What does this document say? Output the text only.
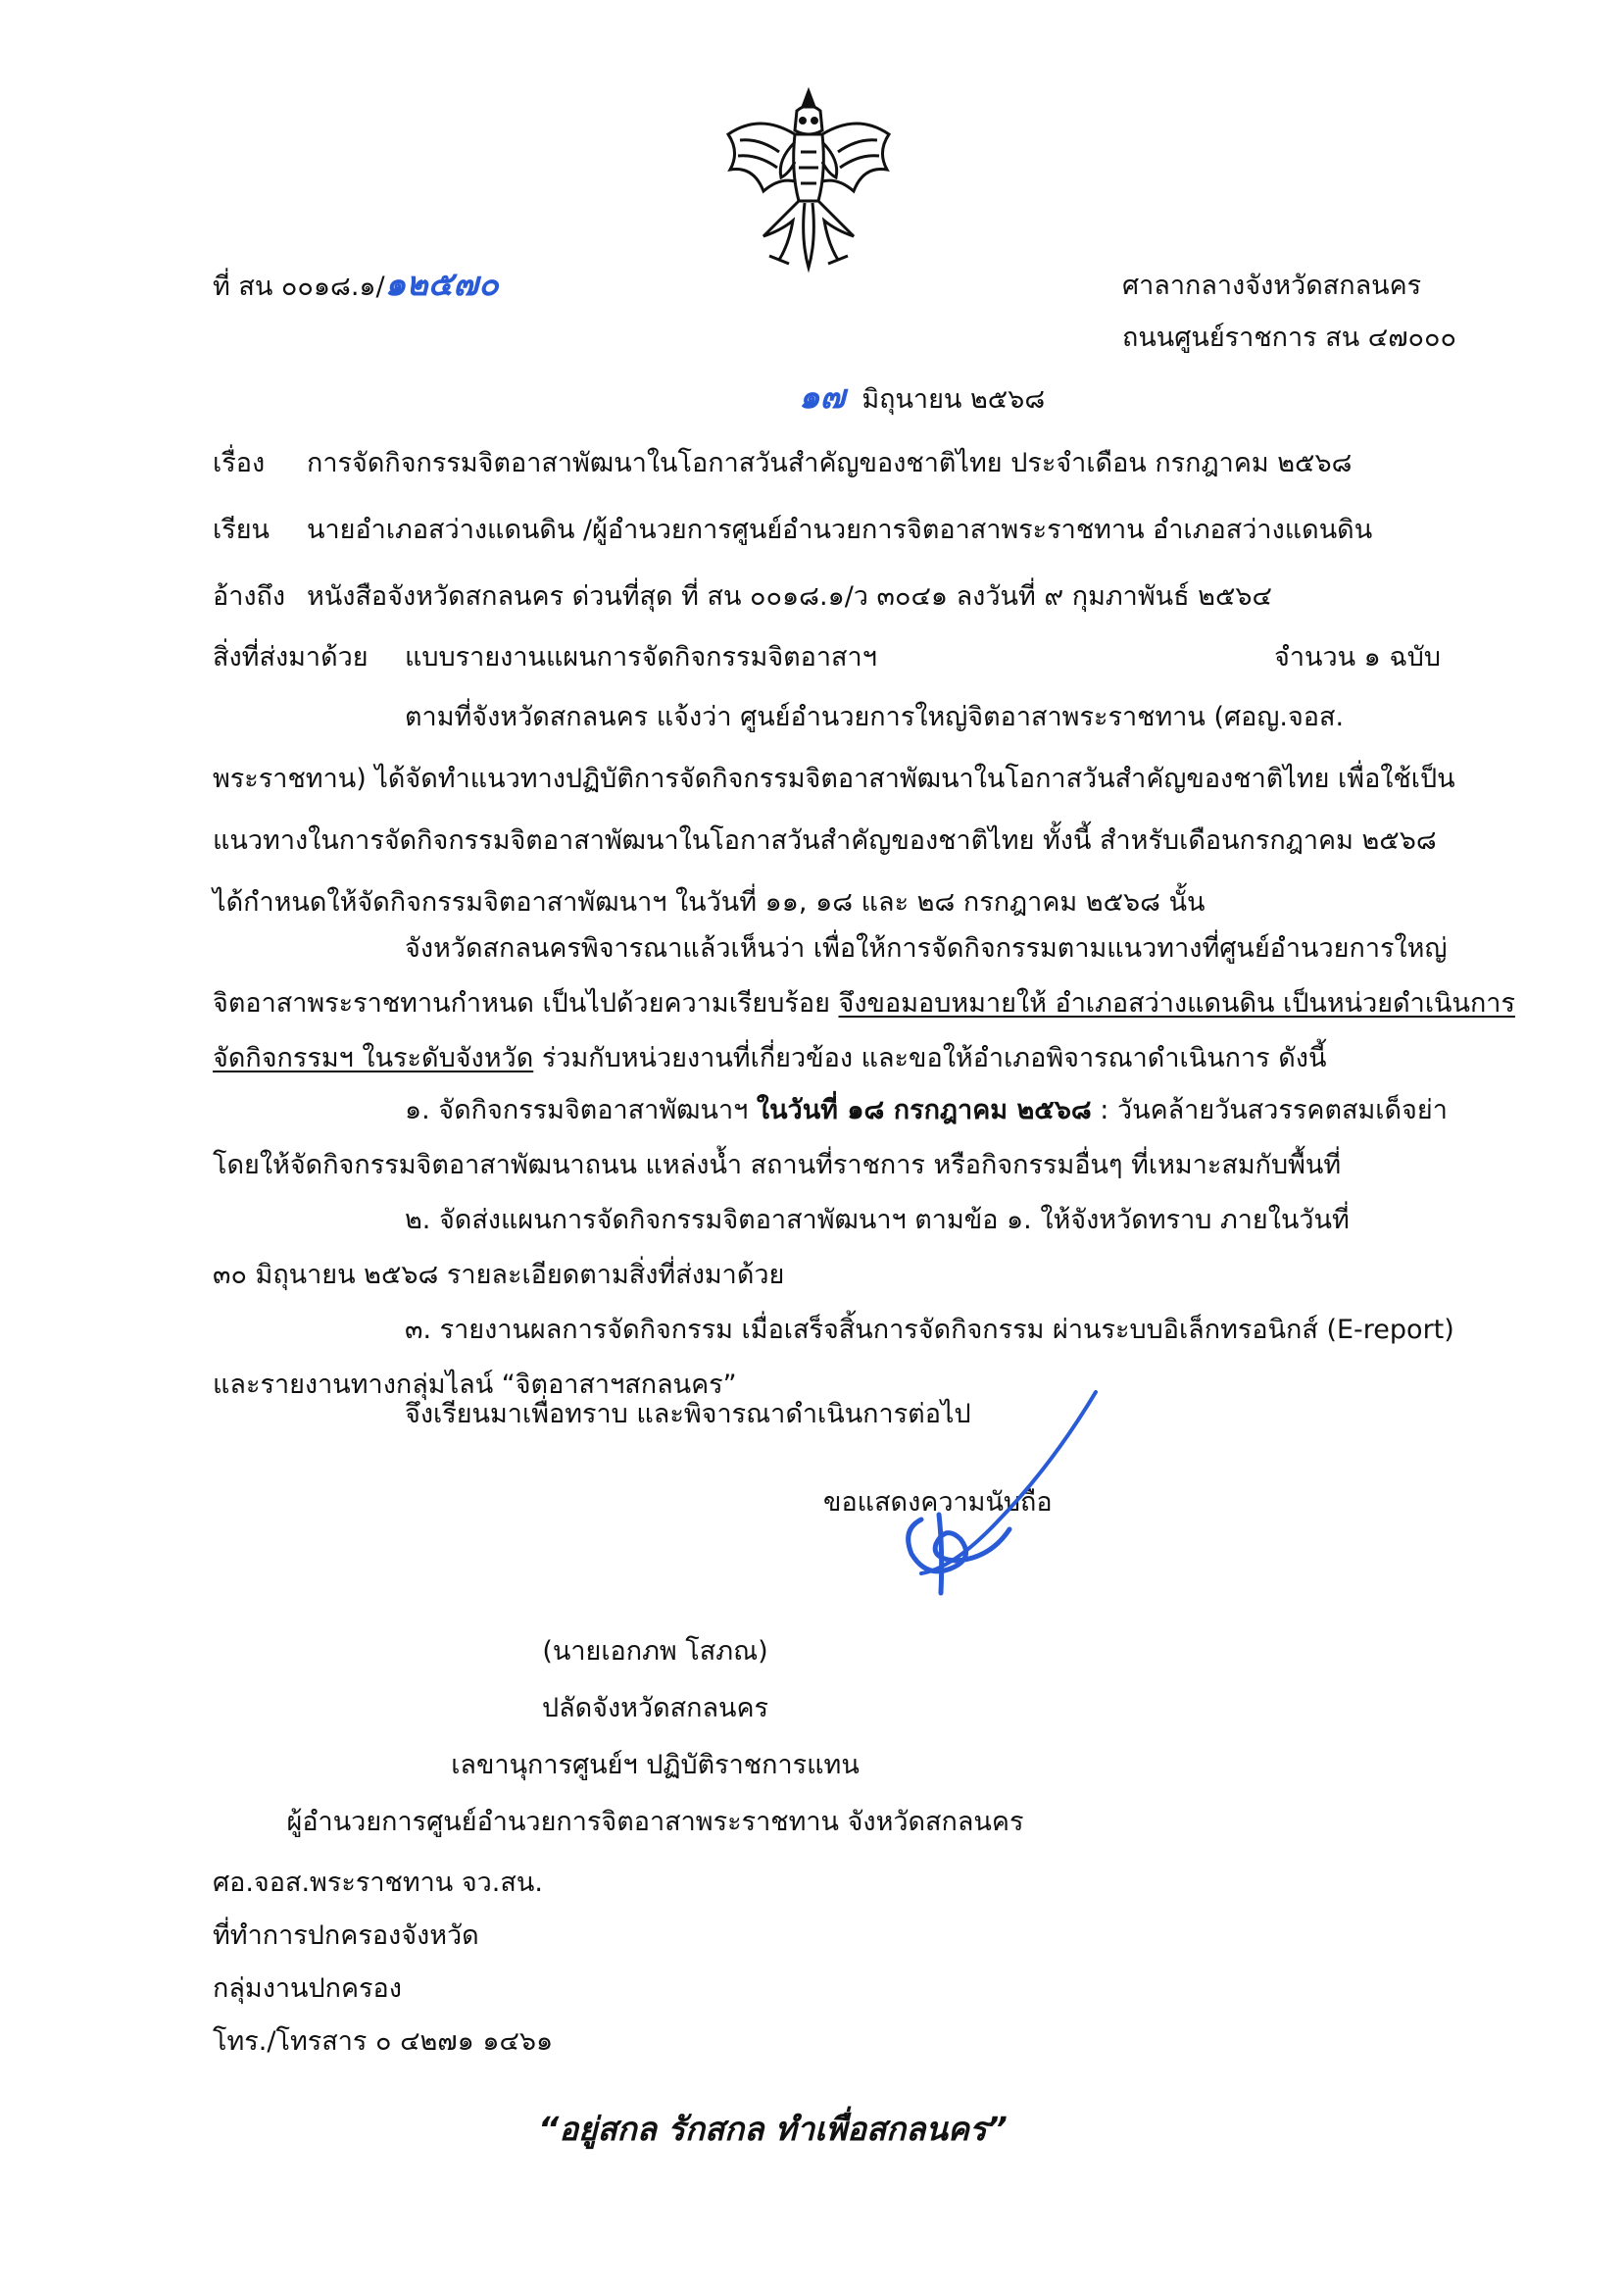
ที่ สน ๐๐๑๘.๑/๑๒๕๗๐	ศาลากลางจังหวัดสกลนคร
ถนนศูนย์ราชการ สน ๔๗๐๐๐
๑๗ มิถุนายน ๒๕๖๘
เรื่อง การจัดกิจกรรมจิตอาสาพัฒนาในโอกาสวันสำคัญของชาติไทย ประจำเดือน กรกฎาคม ๒๕๖๘
เรียน นายอำเภอสว่างแดนดิน /ผู้อำนวยการศูนย์อำนวยการจิตอาสาพระราชทาน อำเภอสว่างแดนดิน
อ้างถึง หนังสือจังหวัดสกลนคร ด่วนที่สุด ที่ สน ๐๐๑๘.๑/ว ๓๐๔๑ ลงวันที่ ๙ กุมภาพันธ์ ๒๕๖๔
สิ่งที่ส่งมาด้วย แบบรายงานแผนการจัดกิจกรรมจิตอาสาฯ	จำนวน ๑ ฉบับ
ตามที่จังหวัดสกลนคร แจ้งว่า ศูนย์อำนวยการใหญ่จิตอาสาพระราชทาน (ศอญ.จอส.
พระราชทาน) ได้จัดทำแนวทางปฏิบัติการจัดกิจกรรมจิตอาสาพัฒนาในโอกาสวันสำคัญของชาติไทย เพื่อใช้เป็น
แนวทางในการจัดกิจกรรมจิตอาสาพัฒนาในโอกาสวันสำคัญของชาติไทย ทั้งนี้ สำหรับเดือนกรกฎาคม ๒๕๖๘
ได้กำหนดให้จัดกิจกรรมจิตอาสาพัฒนาฯ ในวันที่ ๑๑, ๑๘ และ ๒๘ กรกฎาคม ๒๕๖๘ นั้น
จังหวัดสกลนครพิจารณาแล้วเห็นว่า เพื่อให้การจัดกิจกรรมตามแนวทางที่ศูนย์อำนวยการใหญ่
จิตอาสาพระราชทานกำหนด เป็นไปด้วยความเรียบร้อย จึงขอมอบหมายให้ อำเภอสว่างแดนดิน เป็นหน่วยดำเนินการ
จัดกิจกรรมฯ ในระดับจังหวัด ร่วมกับหน่วยงานที่เกี่ยวข้อง และขอให้อำเภอพิจารณาดำเนินการ ดังนี้
๑. จัดกิจกรรมจิตอาสาพัฒนาฯ ในวันที่ ๑๘ กรกฎาคม ๒๕๖๘ : วันคล้ายวันสวรรคตสมเด็จย่า
โดยให้จัดกิจกรรมจิตอาสาพัฒนาถนน แหล่งน้ำ สถานที่ราชการ หรือกิจกรรมอื่นๆ ที่เหมาะสมกับพื้นที่
๒. จัดส่งแผนการจัดกิจกรรมจิตอาสาพัฒนาฯ ตามข้อ ๑. ให้จังหวัดทราบ ภายในวันที่
๓๐ มิถุนายน ๒๕๖๘ รายละเอียดตามสิ่งที่ส่งมาด้วย
๓. รายงานผลการจัดกิจกรรม เมื่อเสร็จสิ้นการจัดกิจกรรม ผ่านระบบอิเล็กทรอนิกส์ (E-report)
และรายงานทางกลุ่มไลน์ “จิตอาสาฯสกลนคร”
จึงเรียนมาเพื่อทราบ และพิจารณาดำเนินการต่อไป
ขอแสดงความนับถือ
(นายเอกภพ โสภณ)
ปลัดจังหวัดสกลนคร
เลขานุการศูนย์ฯ ปฏิบัติราชการแทน
ผู้อำนวยการศูนย์อำนวยการจิตอาสาพระราชทาน จังหวัดสกลนคร
ศอ.จอส.พระราชทาน จว.สน.
ที่ทำการปกครองจังหวัด
กลุ่มงานปกครอง
โทร./โทรสาร ๐ ๔๒๗๑ ๑๔๖๑
“อยู่สกล รักสกล ทำเพื่อสกลนคร”
